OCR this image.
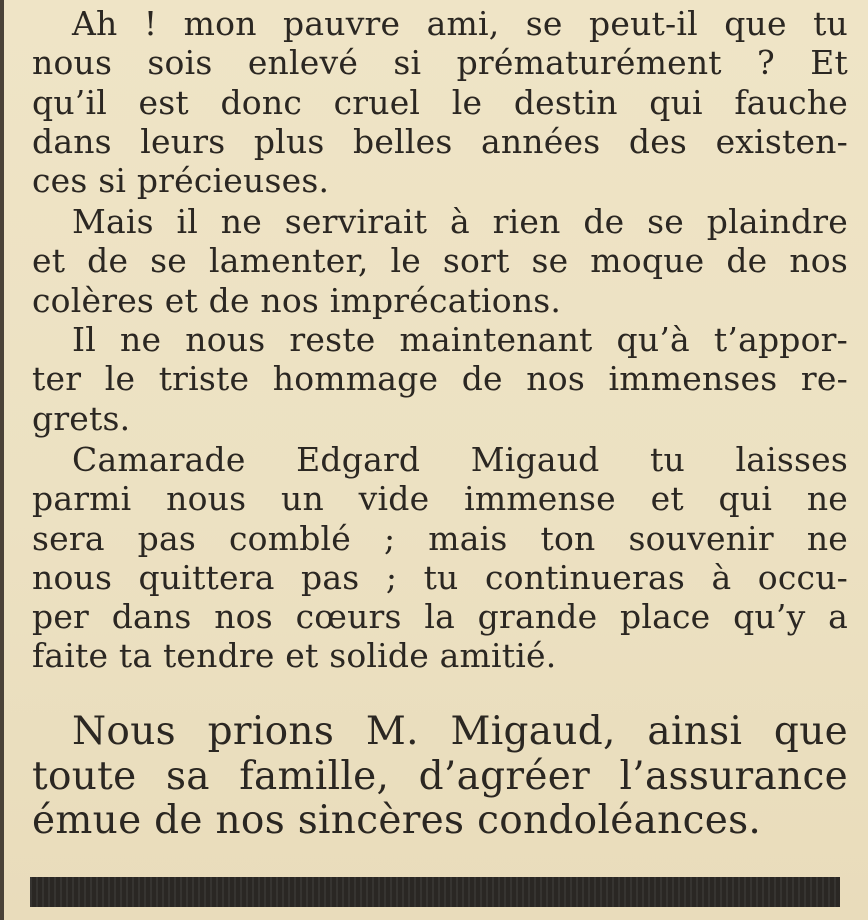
Ah ! mon pauvre ami, se peut-il que tu
nous sois enlevé si prématurément ? Et
qu’il est donc cruel le destin qui fauche
dans leurs plus belles années des existen-
ces si précieuses.

Mais il ne servirait à rien de se plaindre
et de se lamenter, le sort se moque de nos
colères et de nos imprécations.

Il ne nous reste maintenant qu’à t’appor-
ter le triste hommage de nos immenses re-
grets.

Camarade Edgard Migaud tu laisses
parmi nous un vide immense et qui ne
sera pas comblé ; mais ton souvenir ne
nous quittera pas ; tu continueras à occu-
per dans nos cœurs la grande place qu’y a
faite ta tendre et solide amitié.

Nous prions M. Migaud, ainsi que
toute sa famille, d’agréer l’assurance
émue de nos sincères condoléances.
